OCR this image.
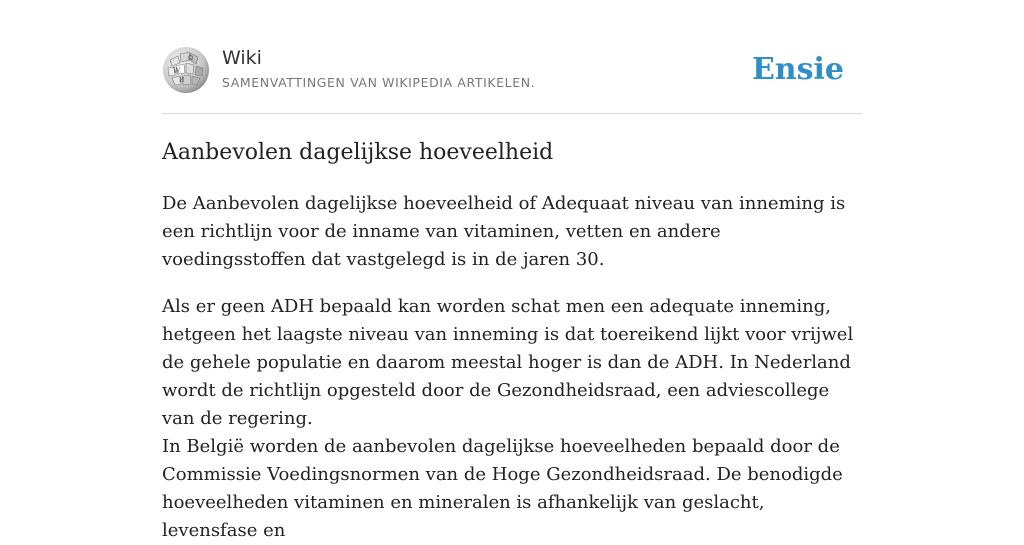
W
Ω
И
Wiki
SAMENVATTINGEN VAN WIKIPEDIA ARTIKELEN.	Ensie
Aanbevolen dagelijkse hoeveelheid

De Aanbevolen dagelijkse hoeveelheid of Adequaat niveau van inneming is een richtlijn voor de inname van vitaminen, vetten en andere voedingsstoffen dat vastgelegd is in de jaren 30.

Als er geen ADH bepaald kan worden schat men een adequate inneming, hetgeen het laagste niveau van inneming is dat toereikend lijkt voor vrijwel de gehele populatie en daarom meestal hoger is dan de ADH. In Nederland wordt de richtlijn opgesteld door de Gezondheidsraad, een adviescollege van de regering.

In België worden de aanbevolen dagelijkse hoeveelheden bepaald door de Commissie Voedingsnormen van de Hoge Gezondheidsraad. De benodigde hoeveelheden vitaminen en mineralen is afhankelijk van geslacht, levensfase en
